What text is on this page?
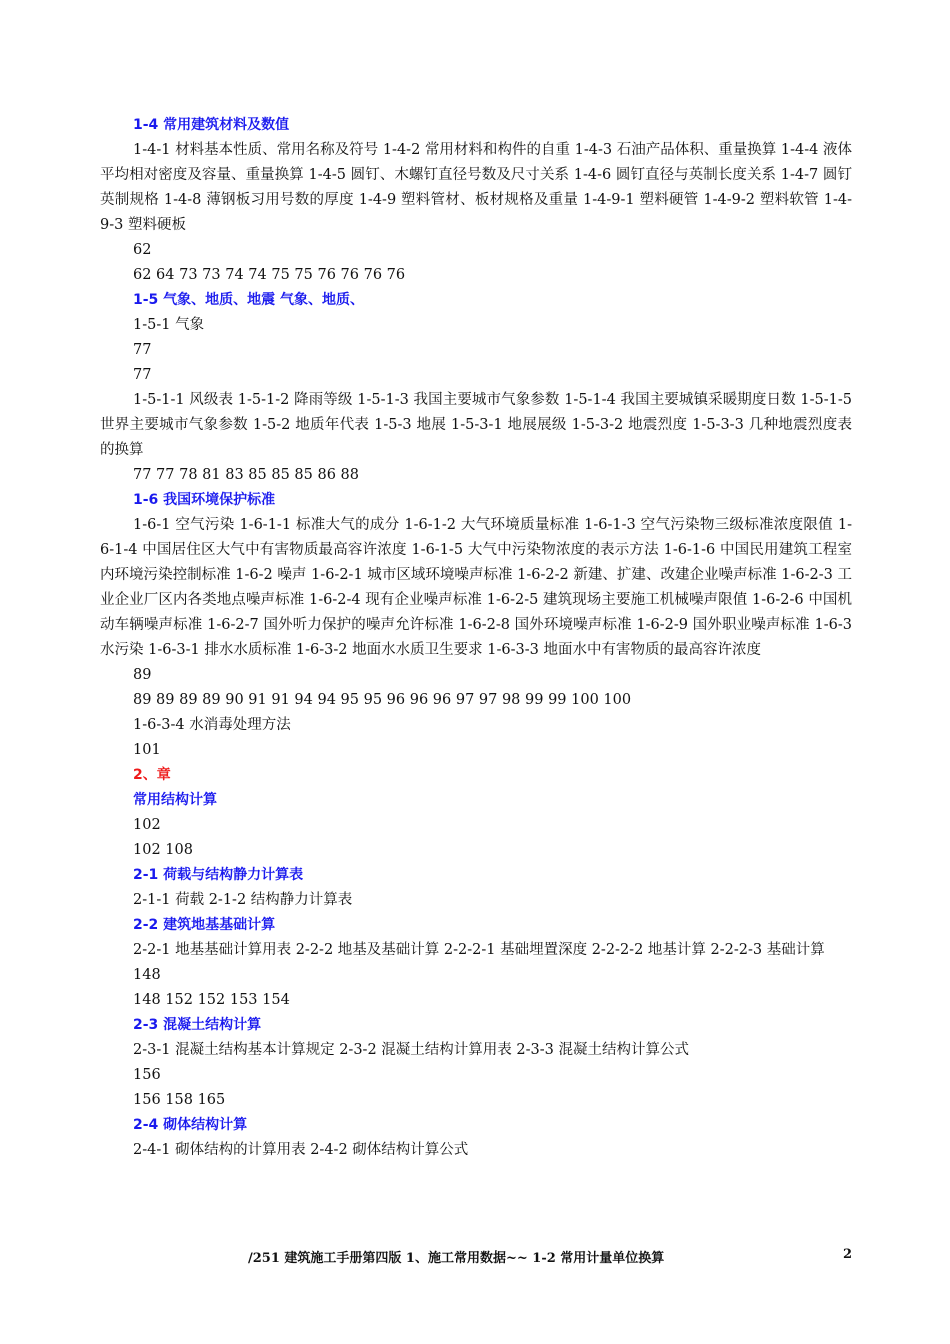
1-4 常用建筑材料及数值
1-4-1 材料基本性质、常用名称及符号 1-4-2 常用材料和构件的自重 1-4-3 石油产品体积、重量换算 1-4-4 液体平均相对密度及容量、重量换算 1-4-5 圆钉、木螺钉直径号数及尺寸关系 1-4-6 圆钉直径与英制长度关系 1-4-7 圆钉英制规格 1-4-8 薄钢板习用号数的厚度 1-4-9 塑料管材、板材规格及重量 1-4-9-1 塑料硬管 1-4-9-2 塑料软管 1-4-9-3 塑料硬板
62
62 64 73 73 74 74 75 75 76 76 76 76
1-5 气象、地质、地震 气象、地质、
1-5-1 气象
77
77
1-5-1-1 风级表 1-5-1-2 降雨等级 1-5-1-3 我国主要城市气象参数 1-5-1-4 我国主要城镇采暖期度日数 1-5-1-5 世界主要城市气象参数 1-5-2 地质年代表 1-5-3 地展 1-5-3-1 地展展级 1-5-3-2 地震烈度 1-5-3-3 几种地震烈度表的换算
77 77 78 81 83 85 85 85 86 88
1-6 我国环境保护标准
1-6-1 空气污染 1-6-1-1 标准大气的成分 1-6-1-2 大气环境质量标准 1-6-1-3 空气污染物三级标准浓度限值 1-6-1-4 中国居住区大气中有害物质最高容许浓度 1-6-1-5 大气中污染物浓度的表示方法 1-6-1-6 中国民用建筑工程室内环境污染控制标准 1-6-2 噪声 1-6-2-1 城市区域环境噪声标准 1-6-2-2 新建、扩建、改建企业噪声标准 1-6-2-3 工业企业厂区内各类地点噪声标准 1-6-2-4 现有企业噪声标准 1-6-2-5 建筑现场主要施工机械噪声限值 1-6-2-6 中国机动车辆噪声标准 1-6-2-7 国外听力保护的噪声允许标准 1-6-2-8 国外环境噪声标准 1-6-2-9 国外职业噪声标准 1-6-3 水污染 1-6-3-1 排水水质标准 1-6-3-2 地面水水质卫生要求 1-6-3-3 地面水中有害物质的最高容许浓度
89
89 89 89 89 90 91 91 94 94 95 95 96 96 96 97 97 98 99 99 100 100
1-6-3-4 水消毒处理方法
101
2、章
常用结构计算
102
102 108
2-1 荷载与结构静力计算表
2-1-1 荷载 2-1-2 结构静力计算表
2-2 建筑地基基础计算
2-2-1 地基基础计算用表 2-2-2 地基及基础计算 2-2-2-1 基础埋置深度 2-2-2-2 地基计算 2-2-2-3 基础计算
148
148 152 152 153 154
2-3 混凝土结构计算
2-3-1 混凝土结构基本计算规定 2-3-2 混凝土结构计算用表 2-3-3 混凝土结构计算公式
156
156 158 165
2-4 砌体结构计算
2-4-1 砌体结构的计算用表 2-4-2 砌体结构计算公式
/251 建筑施工手册第四版 1、施工常用数据~~ 1-2 常用计量单位换算	2
